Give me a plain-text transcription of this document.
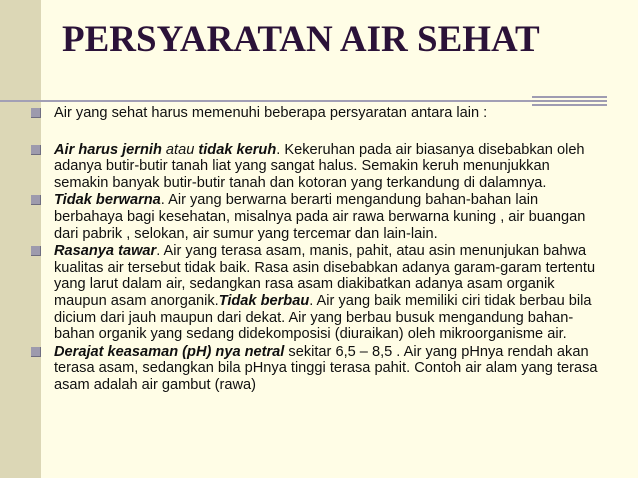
PERSYARATAN AIR SEHAT
Air yang sehat harus memenuhi beberapa persyaratan antara lain :
Air harus jernih atau tidak keruh. Kekeruhan pada air biasanya disebabkan oleh adanya butir-butir tanah liat yang sangat halus. Semakin keruh menunjukkan semakin banyak butir-butir tanah dan kotoran yang terkandung di dalamnya.
Tidak berwarna. Air yang berwarna berarti mengandung bahan-bahan lain berbahaya bagi kesehatan, misalnya pada air rawa berwarna kuning , air buangan dari pabrik , selokan, air sumur yang tercemar dan lain-lain.
Rasanya tawar. Air yang terasa asam, manis, pahit, atau asin menunjukan bahwa kualitas air tersebut tidak baik. Rasa asin disebabkan adanya garam-garam tertentu yang larut dalam air, sedangkan rasa asam diakibatkan adanya asam organik maupun asam anorganik.Tidak berbau. Air yang baik memiliki ciri tidak berbau bila dicium dari jauh maupun dari dekat. Air yang berbau busuk mengandung bahan-bahan organik yang sedang didekomposisi (diuraikan) oleh mikroorganisme air.
Derajat keasaman (pH) nya netral sekitar 6,5 – 8,5 . Air yang pHnya rendah akan terasa asam, sedangkan bila pHnya tinggi terasa pahit. Contoh air alam yang terasa asam adalah air gambut (rawa)
